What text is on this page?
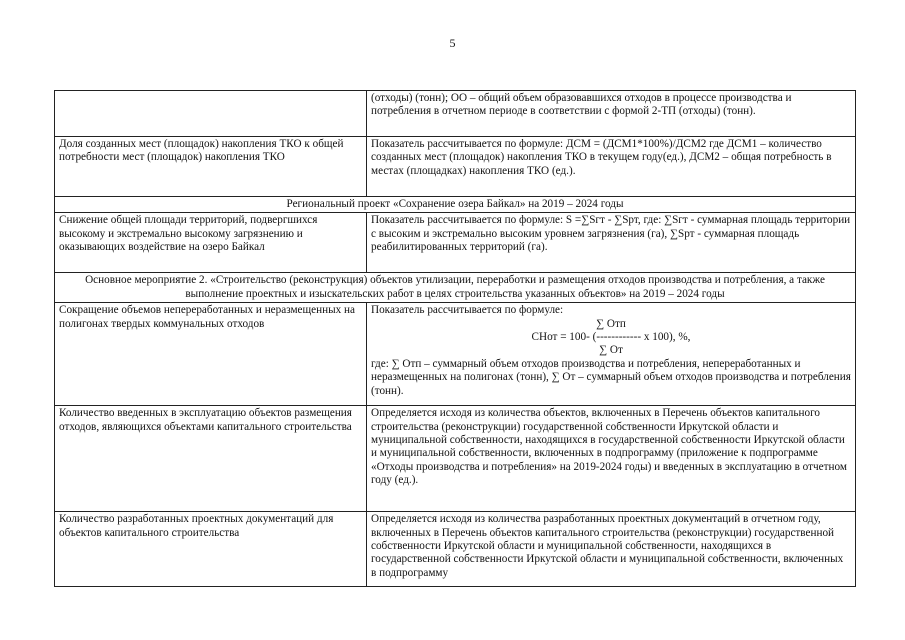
5
	(отходы) (тонн); ОО – общий объем образовавшихся отходов в процессе производства и потребления в отчетном периоде в соответствии с формой 2-ТП (отходы) (тонн).
Доля созданных мест (площадок) накопления ТКО к общей потребности мест (площадок) накопления ТКО	Показатель рассчитывается по формуле: ДСМ = (ДСМ1*100%)/ДСМ2 где ДСМ1 – количество созданных мест (площадок) накопления ТКО в текущем году(ед.), ДСМ2 – общая потребность в местах (площадках) накопления ТКО (ед.).
Региональный проект «Сохранение озера Байкал» на 2019 – 2024 годы	
Снижение общей площади территорий, подвергшихся высокому и экстремально высокому загрязнению и оказывающих воздействие на озеро Байкал	Показатель рассчитывается по формуле: S =∑Sгт - ∑Sрт, где: ∑Sгт - суммарная площадь территории с высоким и экстремально высоким уровнем загрязнения (га), ∑Sрт - суммарная площадь реабилитированных территорий (га).
Основное мероприятие 2. «Строительство (реконструкция) объектов утилизации, переработки и размещения отходов производства и потребления, а также выполнение проектных и изыскательских работ в целях строительства указанных объектов» на 2019 – 2024 годы	
Сокращение объемов непереработанных и неразмещенных на полигонах твердых коммунальных отходов	Показатель рассчитывается по формуле:
∑ Отп
СНот = 100- (------------ х 100), %,
∑ От
где: ∑ Отп – суммарный объем отходов производства и потребления, непереработанных и неразмещенных на полигонах (тонн), ∑ От – суммарный объем отходов производства и потребления (тонн).

Количество введенных в эксплуатацию объектов размещения отходов, являющихся объектами капитального строительства	Определяется исходя из количества объектов, включенных в Перечень объектов капитального строительства (реконструкции) государственной собственности Иркутской области и муниципальной собственности, находящихся в государственной собственности Иркутской области и муниципальной собственности, включенных в подпрограмму (приложение к подпрограмме «Отходы производства и потребления» на 2019-2024 годы) и введенных в эксплуатацию в отчетном году (ед.).
Количество разработанных проектных документаций для объектов капитального строительства	Определяется исходя из количества разработанных проектных документаций в отчетном году, включенных в Перечень объектов капитального строительства (реконструкции) государственной собственности Иркутской области и муниципальной собственности, находящихся в государственной собственности Иркутской области и муниципальной собственности, включенных в подпрограмму
